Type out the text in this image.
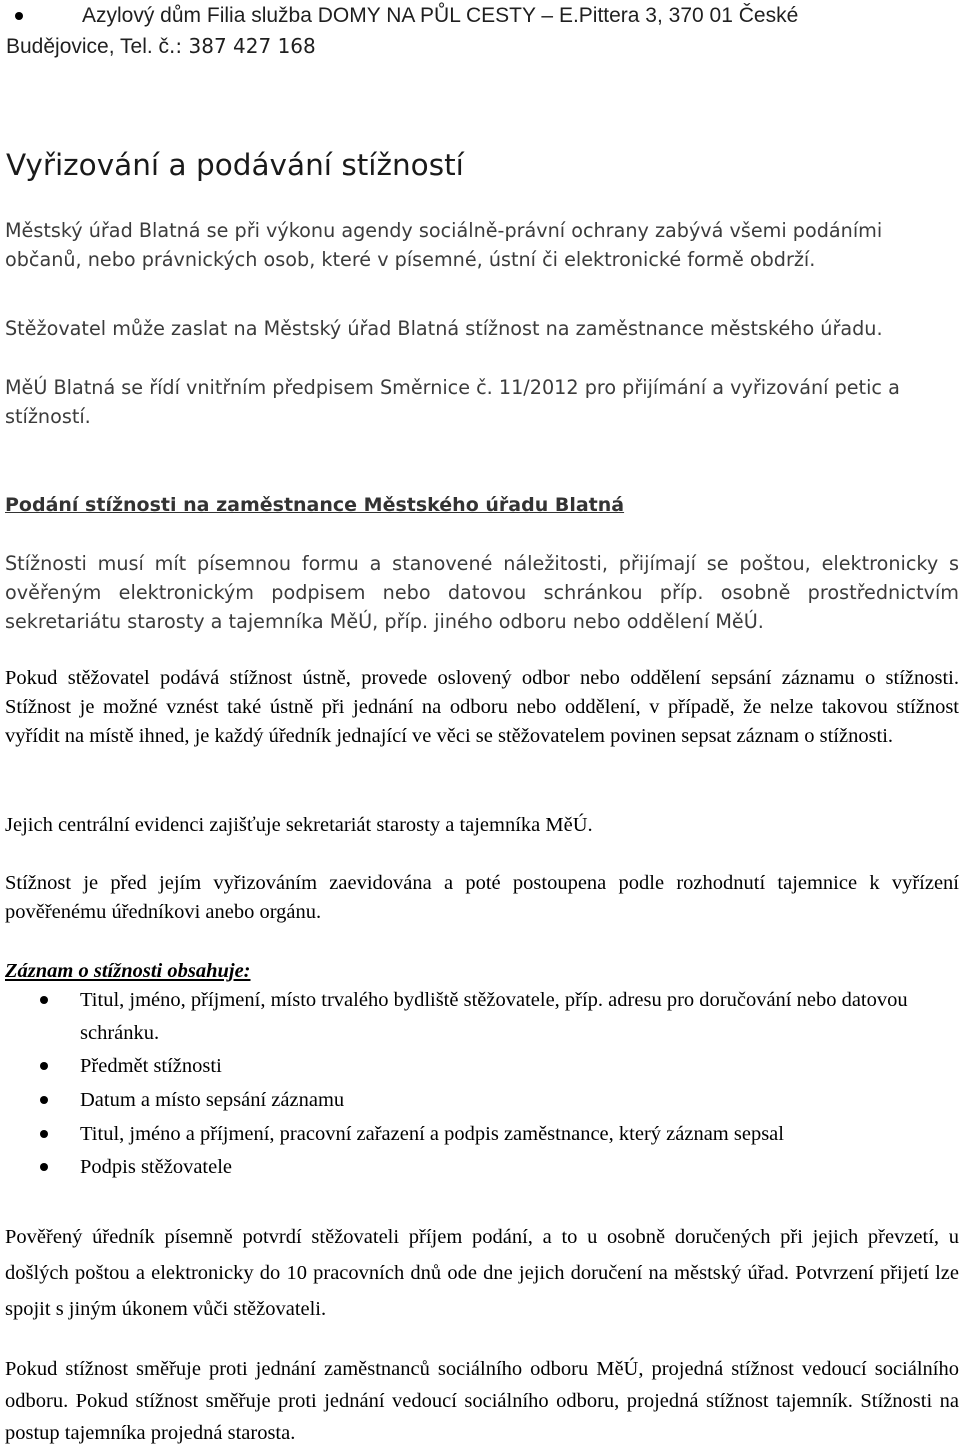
Azylový dům Filia služba DOMY NA PŮL CESTY – E.Pittera 3, 370 01 České
Budějovice, Tel. č.: 387 427 168
Vyřizování a podávání stížností
Městský úřad Blatná se při výkonu agendy sociálně-právní ochrany zabývá všemi podáními občanů, nebo právnických osob, které v písemné, ústní či elektronické formě obdrží.
Stěžovatel může zaslat na Městský úřad Blatná stížnost na zaměstnance městského úřadu.
MěÚ Blatná se řídí vnitřním předpisem Směrnice č. 11/2012 pro přijímání a vyřizování petic a stížností.
Podání stížnosti na zaměstnance Městského úřadu Blatná
Stížnosti musí mít písemnou formu a stanovené náležitosti, přijímají se poštou, elektronicky s ověřeným elektronickým podpisem nebo datovou schránkou příp. osobně prostřednictvím sekretariátu starosty a tajemníka MěÚ, příp. jiného odboru nebo oddělení MěÚ.
Pokud stěžovatel podává stížnost ústně, provede oslovený odbor nebo oddělení sepsání záznamu o stížnosti. Stížnost je možné vznést také ústně při jednání na odboru nebo oddělení, v případě, že nelze takovou stížnost vyřídit na místě ihned, je každý úředník jednající ve věci se stěžovatelem povinen sepsat záznam o stížnosti.
Jejich centrální evidenci zajišťuje sekretariát starosty a tajemníka MěÚ.
Stížnost je před jejím vyřizováním zaevidována a poté postoupena podle rozhodnutí tajemnice k vyřízení pověřenému úředníkovi anebo orgánu.
Záznam o stížnosti obsahuje:
Titul, jméno, příjmení, místo trvalého bydliště stěžovatele, příp. adresu pro doručování nebo datovou schránku.
Předmět stížnosti
Datum a místo sepsání záznamu
Titul, jméno a příjmení, pracovní zařazení a podpis zaměstnance, který záznam sepsal
Podpis stěžovatele
Pověřený úředník písemně potvrdí stěžovateli příjem podání, a to u osobně doručených při jejich převzetí, u došlých poštou a elektronicky do 10 pracovních dnů ode dne jejich doručení na městský úřad. Potvrzení přijetí lze spojit s jiným úkonem vůči stěžovateli.
Pokud stížnost směřuje proti jednání zaměstnanců sociálního odboru MěÚ, projedná stížnost vedoucí sociálního odboru. Pokud stížnost směřuje proti jednání vedoucí sociálního odboru, projedná stížnost tajemník. Stížnosti na postup tajemníka projedná starosta.
